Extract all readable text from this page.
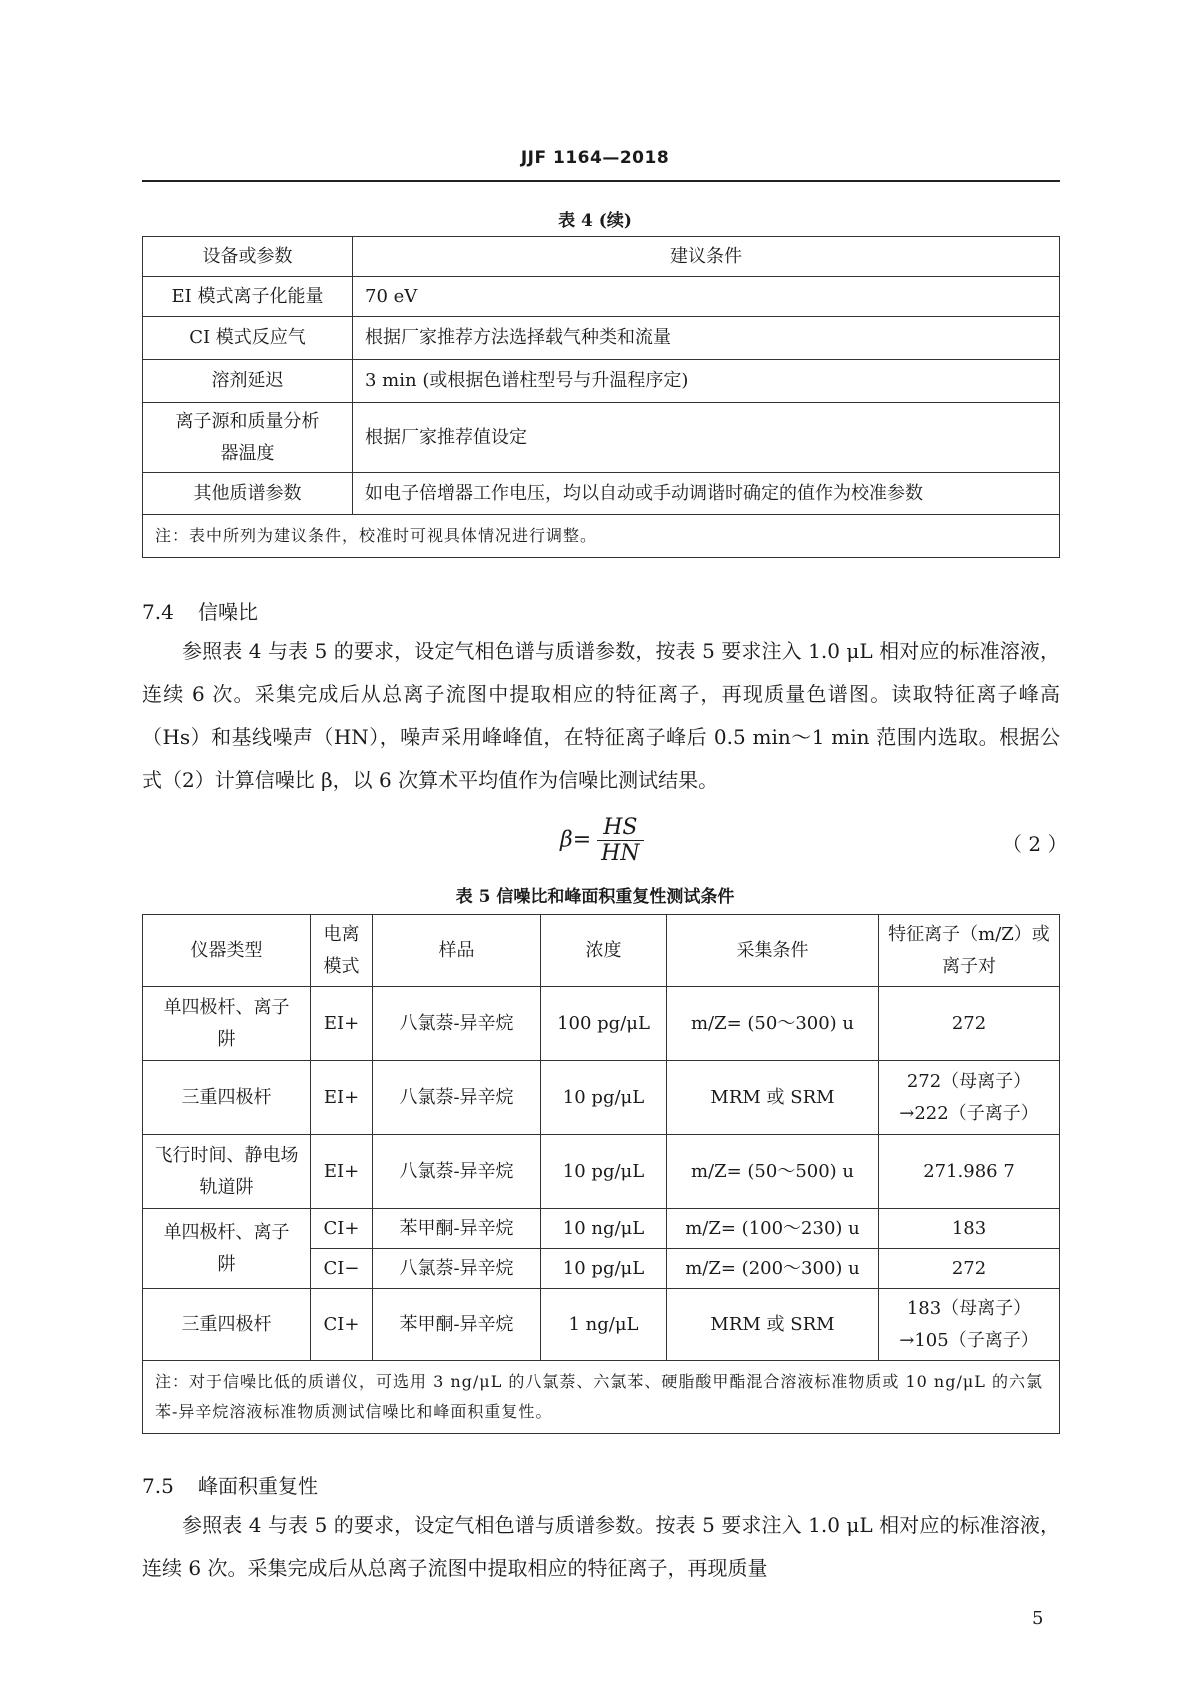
JJF 1164—2018
表 4 (续)
设备或参数	建议条件
EI 模式离子化能量	70 eV
CI 模式反应气	根据厂家推荐方法选择载气种类和流量
溶剂延迟	3 min (或根据色谱柱型号与升温程序定)
离子源和质量分析器温度	根据厂家推荐值设定
其他质谱参数	如电子倍增器工作电压，均以自动或手动调谐时确定的值作为校准参数
注：表中所列为建议条件，校准时可视具体情况进行调整。	
7.4 信噪比

参照表 4 与表 5 的要求，设定气相色谱与质谱参数，按表 5 要求注入 1.0 μL 相对应的标准溶液，连续 6 次。采集完成后从总离子流图中提取相应的特征离子，再现质量色谱图。读取特征离子峰高（Hs）和基线噪声（HN），噪声采用峰峰值，在特征离子峰后 0.5 min～1 min 范围内选取。根据公式（2）计算信噪比 β，以 6 次算术平均值作为信噪比测试结果。

$\beta= \frac{HS}{HN}$	（ 2 ）
表 5 信噪比和峰面积重复性测试条件
仪器类型	电离模式	样品	浓度	采集条件	特征离子（m/Z）或离子对
单四极杆、离子阱	EI+	八氯萘-异辛烷	100 pg/μL	m/Z= (50～300) u	272
三重四极杆	EI+	八氯萘-异辛烷	10 pg/μL	MRM 或 SRM	272（母离子）→222（子离子）
飞行时间、静电场轨道阱	EI+	八氯萘-异辛烷	10 pg/μL	m/Z= (50～500) u	271.986 7
单四极杆、离子阱	CI+	苯甲酮-异辛烷	10 ng/μL	m/Z= (100～230) u	183
	CI−	八氯萘-异辛烷	10 pg/μL	m/Z= (200～300) u	272
三重四极杆	CI+	苯甲酮-异辛烷	1 ng/μL	MRM 或 SRM	183（母离子）→105（子离子）
注：对于信噪比低的质谱仪，可选用 3 ng/μL 的八氯萘、六氯苯、硬脂酸甲酯混合溶液标准物质或 10 ng/μL 的六氯苯-异辛烷溶液标准物质测试信噪比和峰面积重复性。					
7.5 峰面积重复性

参照表 4 与表 5 的要求，设定气相色谱与质谱参数。按表 5 要求注入 1.0 μL 相对应的标准溶液，连续 6 次。采集完成后从总离子流图中提取相应的特征离子，再现质量

5
